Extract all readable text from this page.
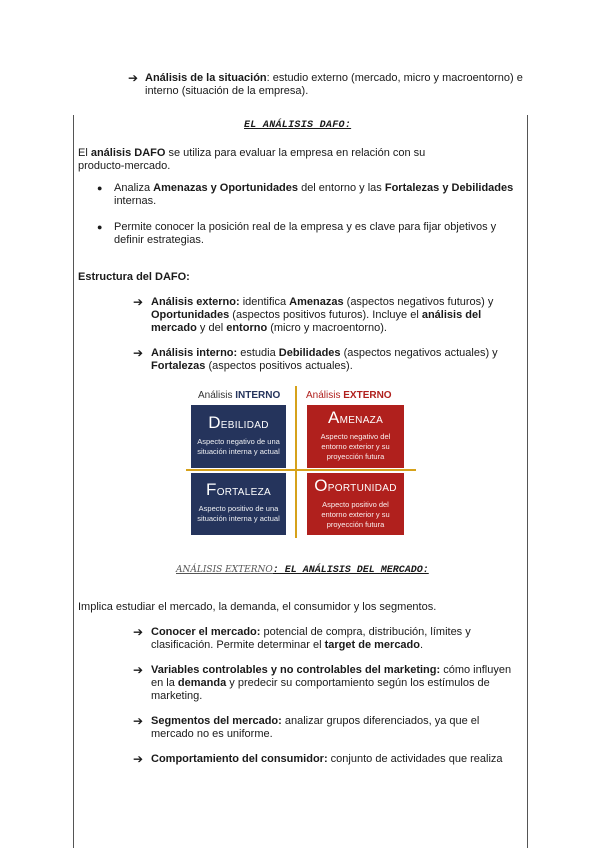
➔ Análisis de la situación: estudio externo (mercado, micro y macroentorno) e
interno (situación de la empresa).
EL ANÁLISIS DAFO:
El análisis DAFO se utiliza para evaluar la empresa en relación con su
producto-mercado.
● Analiza Amenazas y Oportunidades del entorno y las Fortalezas y Debilidades
internas.
● Permite conocer la posición real de la empresa y es clave para fijar objetivos y
definir estrategias.
Estructura del DAFO:
➔ Análisis externo: identifica Amenazas (aspectos negativos futuros) y
Oportunidades (aspectos positivos futuros). Incluye el análisis del
mercado y del entorno (micro y macroentorno).
➔ Análisis interno: estudia Debilidades (aspectos negativos actuales) y
Fortalezas (aspectos positivos actuales).
Análisis INTERNO	Análisis EXTERNO
DEBILIDAD
Aspecto negativo de una
situación interna y actual
AMENAZA
Aspecto negativo del
entorno exterior y su
proyección futura
FORTALEZA
Aspecto positivo de una
situación interna y actual
OPORTUNIDAD
Aspecto positivo del
entorno exterior y su
proyección futura
ANÁLISIS EXTERNO: EL ANÁLISIS DEL MERCADO:
Implica estudiar el mercado, la demanda, el consumidor y los segmentos.
➔ Conocer el mercado: potencial de compra, distribución, límites y
clasificación. Permite determinar el target de mercado.
➔ Variables controlables y no controlables del marketing: cómo influyen
en la demanda y predecir su comportamiento según los estímulos de
marketing.
➔ Segmentos del mercado: analizar grupos diferenciados, ya que el
mercado no es uniforme.
➔ Comportamiento del consumidor: conjunto de actividades que realiza
